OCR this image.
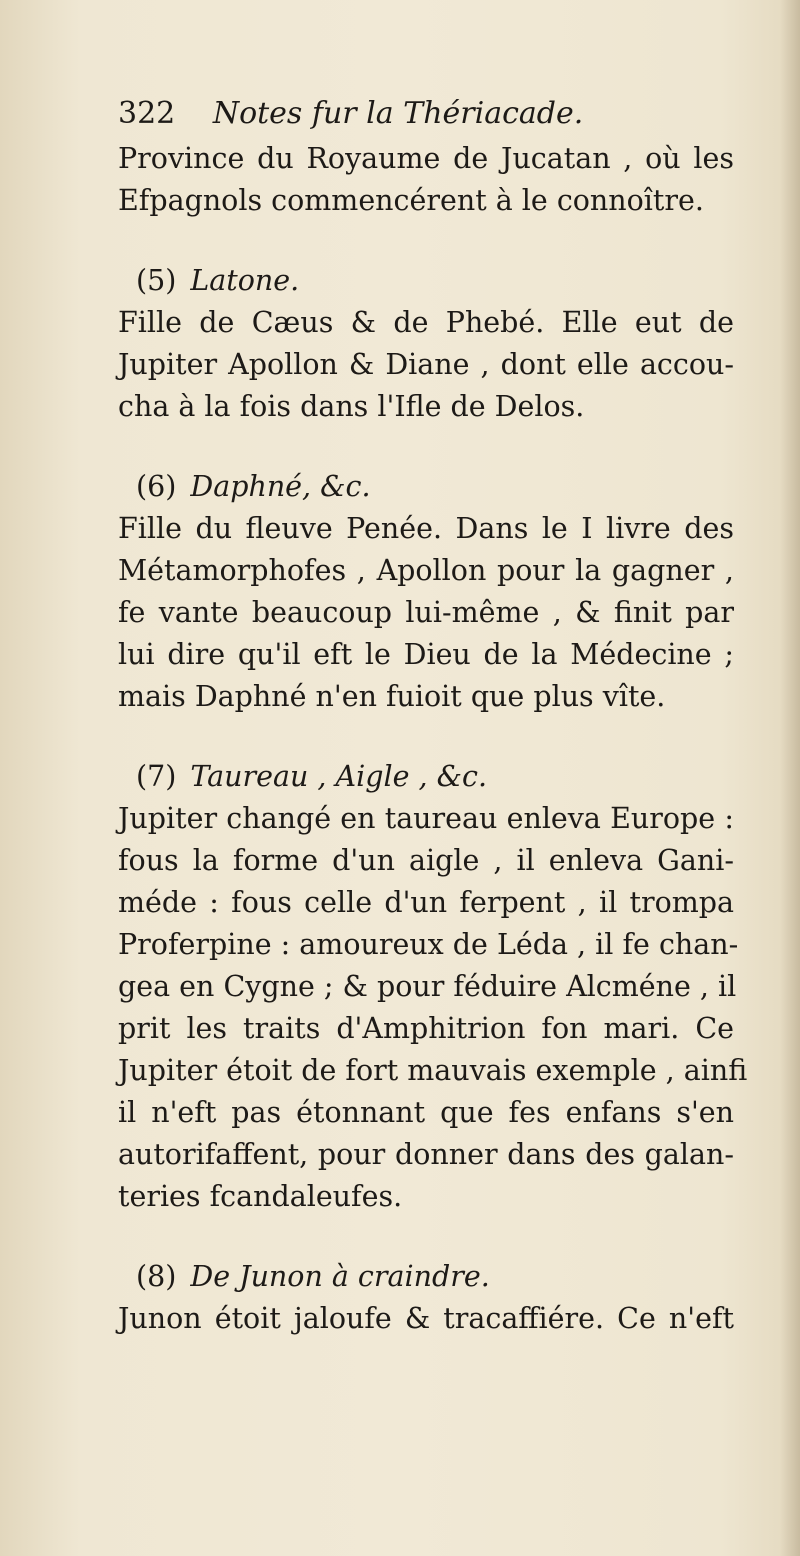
322 Notes fur la Thériacade.
Province du Royaume de Jucatan , où les
Efpagnols commencérent à le connoître.
(5) Latone.
Fille de Cæus & de Phebé. Elle eut de
Jupiter Apollon & Diane , dont elle accou-
cha à la fois dans l'Ifle de Delos.
(6) Daphné, &c.
Fille du fleuve Penée. Dans le I livre des
Métamorphofes , Apollon pour la gagner ,
fe vante beaucoup lui-même , & finit par
lui dire qu'il eft le Dieu de la Médecine ;
mais Daphné n'en fuioit que plus vîte.
(7) Taureau , Aigle , &c.
Jupiter changé en taureau enleva Europe :
fous la forme d'un aigle , il enleva Gani-
méde : fous celle d'un ferpent , il trompa
Proferpine : amoureux de Léda , il fe chan-
gea en Cygne ; & pour féduire Alcméne , il
prit les traits d'Amphitrion fon mari. Ce
Jupiter étoit de fort mauvais exemple , ainfi
il n'eft pas étonnant que fes enfans s'en
autorifaffent, pour donner dans des galan-
teries fcandaleufes.
(8) De Junon à craindre.
Junon étoit jaloufe & tracaffiére. Ce n'eft
